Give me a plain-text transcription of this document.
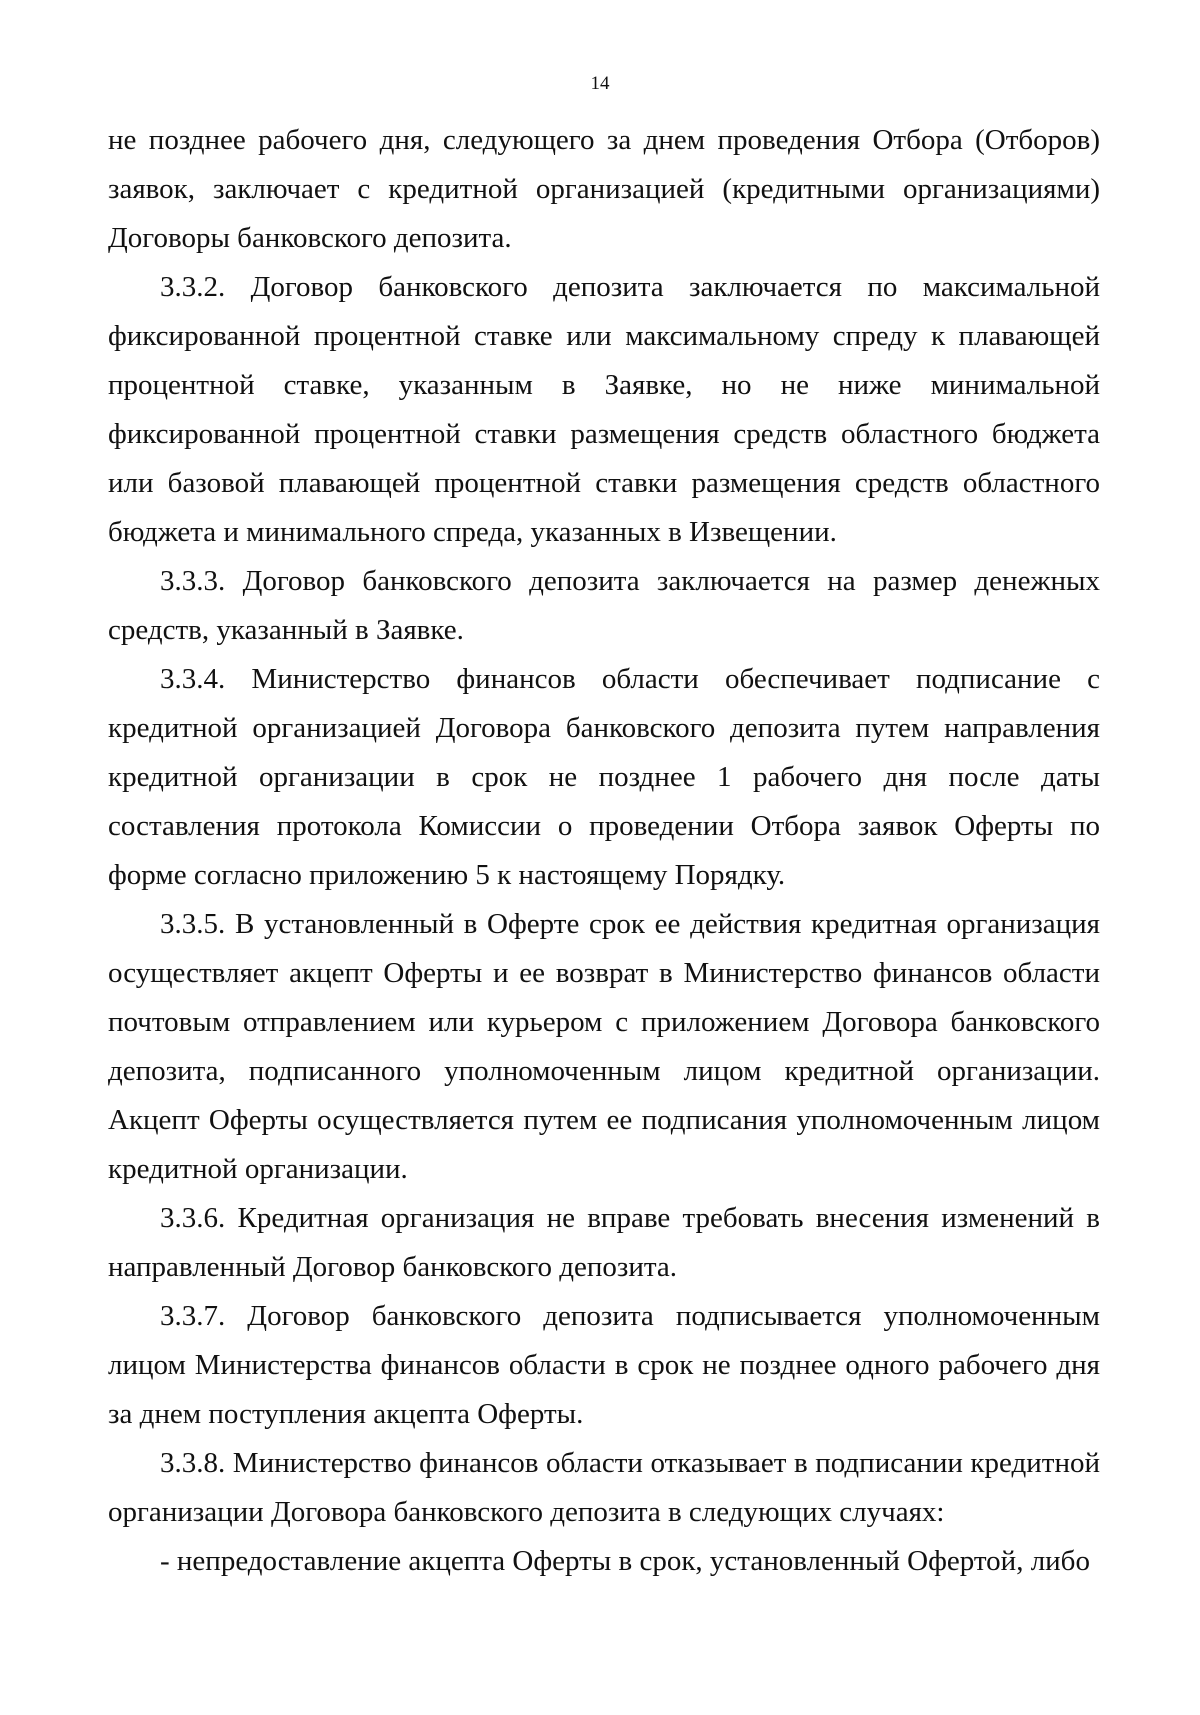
14

не позднее рабочего дня, следующего за днем проведения Отбора (Отборов) заявок, заключает с кредитной организацией (кредитными организациями) Договоры банковского депозита.

3.3.2. Договор банковского депозита заключается по максимальной фиксированной процентной ставке или максимальному спреду к плавающей процентной ставке, указанным в Заявке, но не ниже минимальной фиксированной процентной ставки размещения средств областного бюджета или базовой плавающей процентной ставки размещения средств областного бюджета и минимального спреда, указанных в Извещении.

3.3.3. Договор банковского депозита заключается на размер денежных средств, указанный в Заявке.

3.3.4. Министерство финансов области обеспечивает подписание с кредитной организацией Договора банковского депозита путем направления кредитной организации в срок не позднее 1 рабочего дня после даты составления протокола Комиссии о проведении Отбора заявок Оферты по форме согласно приложению 5 к настоящему Порядку.

3.3.5. В установленный в Оферте срок ее действия кредитная организация осуществляет акцепт Оферты и ее возврат в Министерство финансов области почтовым отправлением или курьером с приложением Договора банковского депозита, подписанного уполномоченным лицом кредитной организации. Акцепт Оферты осуществляется путем ее подписания уполномоченным лицом кредитной организации.

3.3.6. Кредитная организация не вправе требовать внесения изменений в направленный Договор банковского депозита.

3.3.7. Договор банковского депозита подписывается уполномоченным лицом Министерства финансов области в срок не позднее одного рабочего дня за днем поступления акцепта Оферты.

3.3.8. Министерство финансов области отказывает в подписании кредитной организации Договора банковского депозита в следующих случаях:

- непредоставление акцепта Оферты в срок, установленный Офертой, либо
